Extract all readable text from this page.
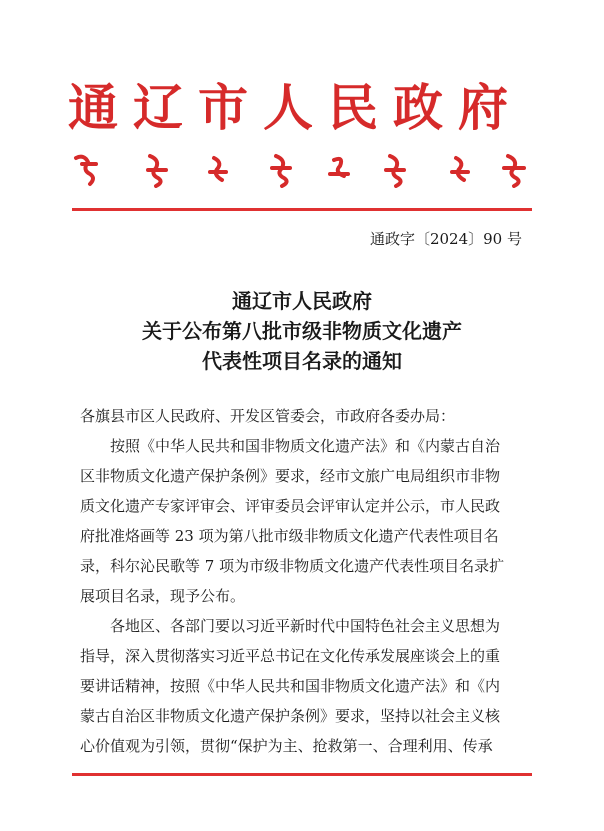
通辽市人民政府
通政字〔2024〕90 号
通辽市人民政府
关于公布第八批市级非物质文化遗产
代表性项目名录的通知
各旗县市区人民政府、开发区管委会，市政府各委办局：
按照《中华人民共和国非物质文化遗产法》和《内蒙古自治
区非物质文化遗产保护条例》要求，经市文旅广电局组织市非物
质文化遗产专家评审会、评审委员会评审认定并公示，市人民政
府批准烙画等 23 项为第八批市级非物质文化遗产代表性项目名
录，科尔沁民歌等 7 项为市级非物质文化遗产代表性项目名录扩
展项目名录，现予公布。
各地区、各部门要以习近平新时代中国特色社会主义思想为
指导，深入贯彻落实习近平总书记在文化传承发展座谈会上的重
要讲话精神，按照《中华人民共和国非物质文化遗产法》和《内
蒙古自治区非物质文化遗产保护条例》要求，坚持以社会主义核
心价值观为引领，贯彻“保护为主、抢救第一、合理利用、传承
